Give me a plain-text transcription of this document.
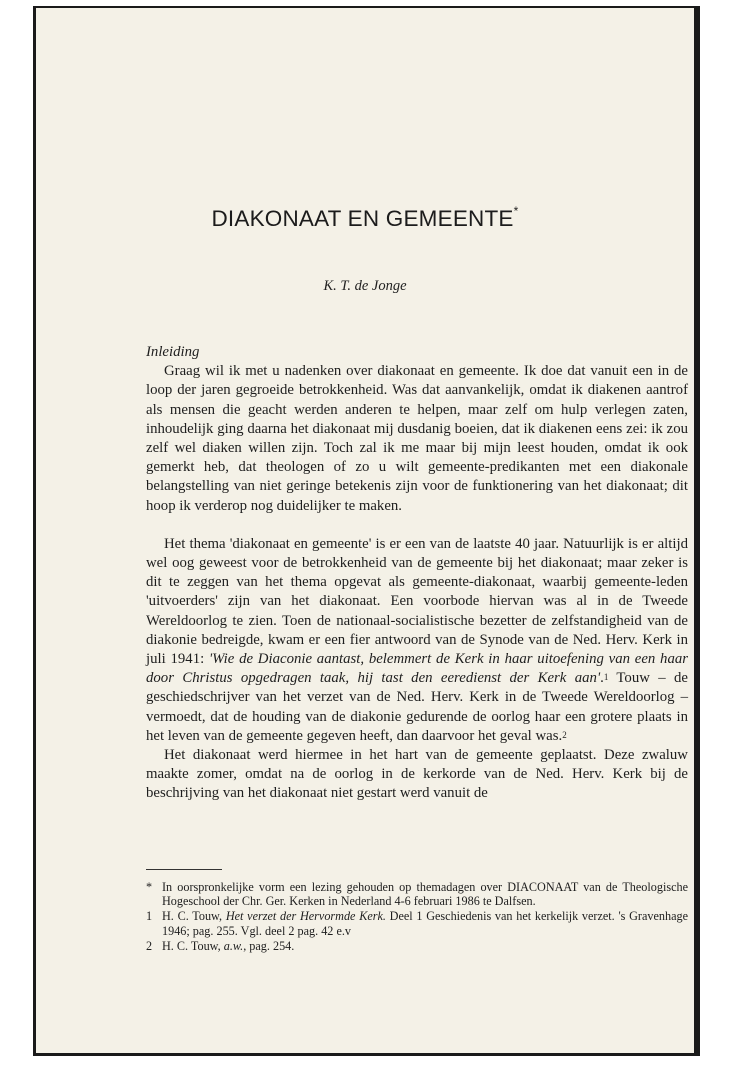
DIAKONAAT EN GEMEENTE*
K. T. de Jonge

Inleiding

Graag wil ik met u nadenken over diakonaat en gemeente. Ik doe dat vanuit een in de loop der jaren gegroeide betrokkenheid. Was dat aanvankelijk, omdat ik diakenen aantrof als mensen die geacht werden anderen te helpen, maar zelf om hulp verlegen zaten, inhoudelijk ging daarna het diakonaat mij dusdanig boeien, dat ik diakenen eens zei: ik zou zelf wel diaken willen zijn. Toch zal ik me maar bij mijn leest houden, omdat ik ook gemerkt heb, dat theologen of zo u wilt gemeente-predikanten met een diakonale belangstelling van niet geringe betekenis zijn voor de funktionering van het diakonaat; dit hoop ik verderop nog duidelijker te maken.

Het thema 'diakonaat en gemeente' is er een van de laatste 40 jaar. Natuurlijk is er altijd wel oog geweest voor de betrokkenheid van de gemeente bij het diakonaat; maar zeker is dit te zeggen van het thema opgevat als gemeente-diakonaat, waarbij gemeente-leden 'uitvoerders' zijn van het diakonaat. Een voorbode hiervan was al in de Tweede Wereldoorlog te zien. Toen de nationaal-socialistische bezetter de zelfstandigheid van de diakonie bedreigde, kwam er een fier antwoord van de Synode van de Ned. Herv. Kerk in juli 1941: 'Wie de Diaconie aantast, belemmert de Kerk in haar uitoefening van een haar door Christus opgedragen taak, hij tast den eeredienst der Kerk aan'.$^1$ Touw – de geschiedschrijver van het verzet van de Ned. Herv. Kerk in de Tweede Wereldoorlog – vermoedt, dat de houding van de diakonie gedurende de oorlog haar een grotere plaats in het leven van de gemeente gegeven heeft, dan daarvoor het geval was.$^2$

Het diakonaat werd hiermee in het hart van de gemeente geplaatst. Deze zwaluw maakte zomer, omdat na de oorlog in de kerkorde van de Ned. Herv. Kerk bij de beschrijving van het diakonaat niet gestart werd vanuit de

* In oorspronkelijke vorm een lezing gehouden op themadagen over DIACONAAT van de Theologische Hogeschool der Chr. Ger. Kerken in Nederland 4-6 februari 1986 te Dalfsen.

1 H. C. Touw, Het verzet der Hervormde Kerk. Deel 1 Geschiedenis van het kerkelijk verzet. 's Gravenhage 1946; pag. 255. Vgl. deel 2 pag. 42 e.v

2 H. C. Touw, a.w., pag. 254.
